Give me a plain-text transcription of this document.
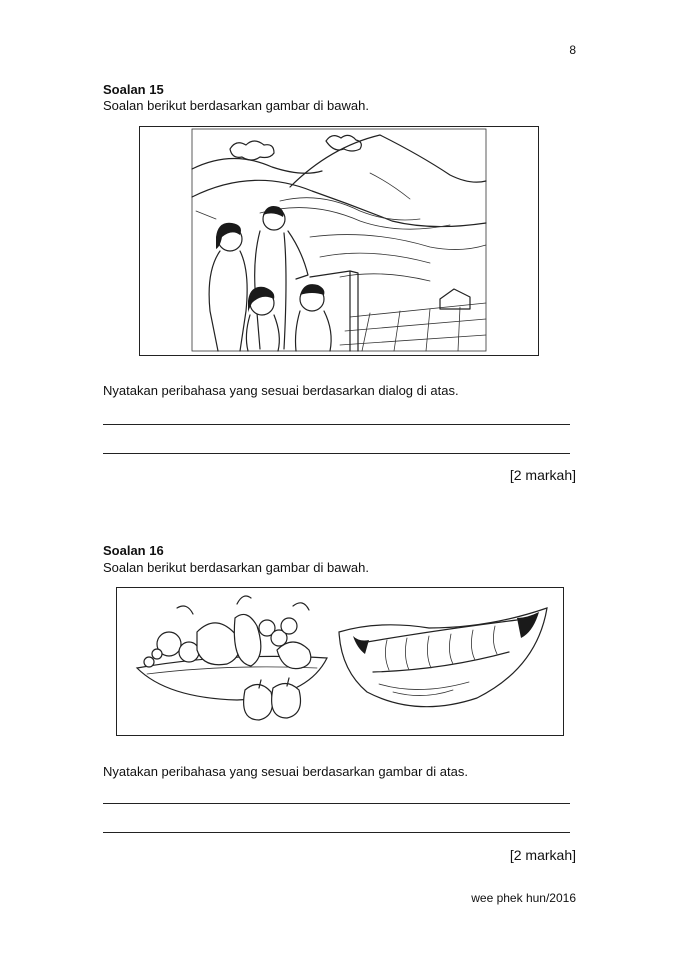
8
Soalan 15
Soalan berikut berdasarkan gambar di bawah.
Nyatakan peribahasa yang sesuai berdasarkan dialog di atas.
[2 markah]
Soalan 16
Soalan berikut berdasarkan gambar di bawah.
Nyatakan peribahasa yang sesuai berdasarkan gambar di atas.
[2 markah]
wee phek hun/2016
